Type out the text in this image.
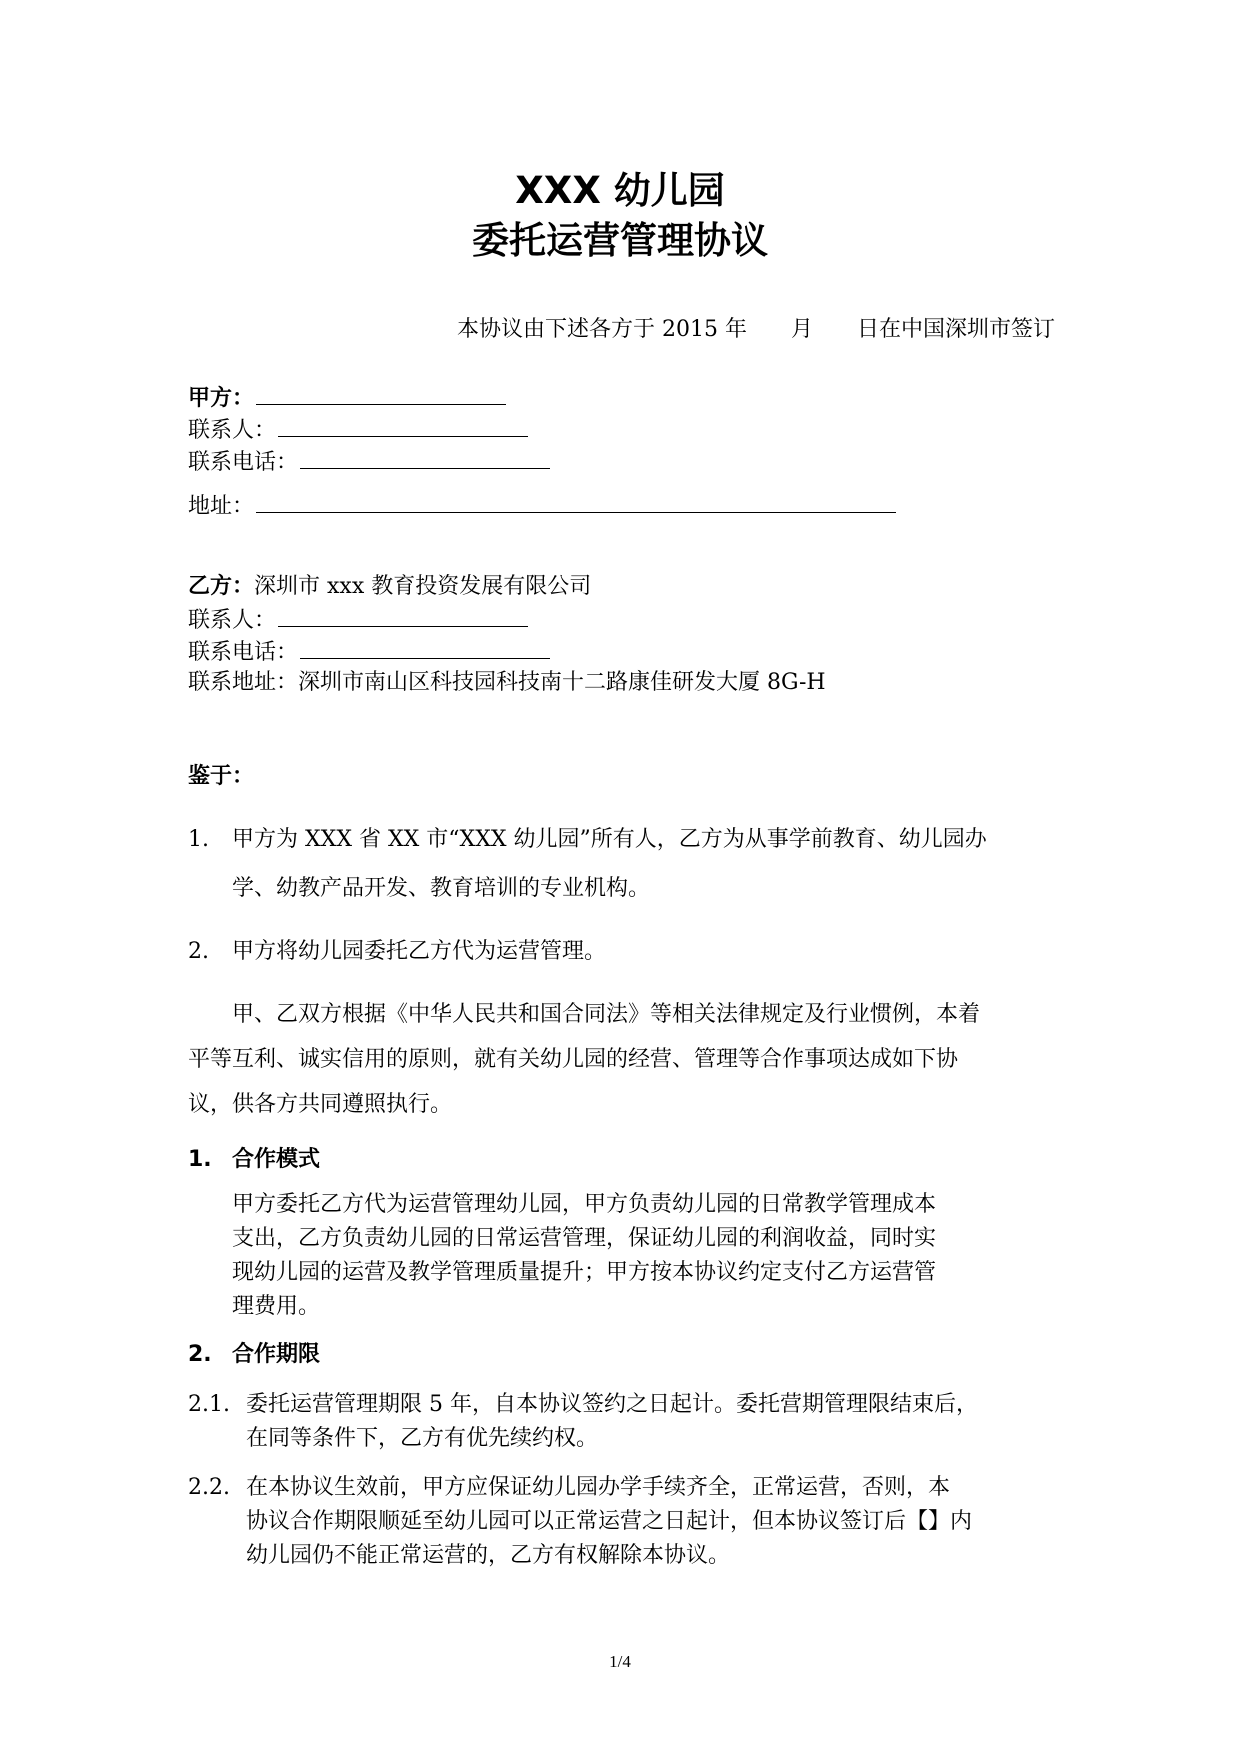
XXX 幼儿园
委托运营管理协议
本协议由下述各方于 2015 年　　月　　日在中国深圳市签订
甲方：
联系人：
联系电话：
地址：
乙方：深圳市 xxx 教育投资发展有限公司
联系人：
联系电话：
联系地址：深圳市南山区科技园科技南十二路康佳研发大厦 8G-H
鉴于：
1. 甲方为 XXX 省 XX 市“XXX 幼儿园”所有人，乙方为从事学前教育、幼儿园办
学、幼教产品开发、教育培训的专业机构。
2. 甲方将幼儿园委托乙方代为运营管理。
甲、乙双方根据《中华人民共和国合同法》等相关法律规定及行业惯例，本着
平等互利、诚实信用的原则，就有关幼儿园的经营、管理等合作事项达成如下协
议，供各方共同遵照执行。
1. 合作模式
甲方委托乙方代为运营管理幼儿园，甲方负责幼儿园的日常教学管理成本
支出，乙方负责幼儿园的日常运营管理，保证幼儿园的利润收益，同时实
现幼儿园的运营及教学管理质量提升；甲方按本协议约定支付乙方运营管
理费用。
2. 合作期限
2.1. 委托运营管理期限 5 年，自本协议签约之日起计。委托营期管理限结束后，
在同等条件下，乙方有优先续约权。
2.2. 在本协议生效前，甲方应保证幼儿园办学手续齐全，正常运营，否则，本
协议合作期限顺延至幼儿园可以正常运营之日起计，但本协议签订后【】内
幼儿园仍不能正常运营的，乙方有权解除本协议。
1/4
